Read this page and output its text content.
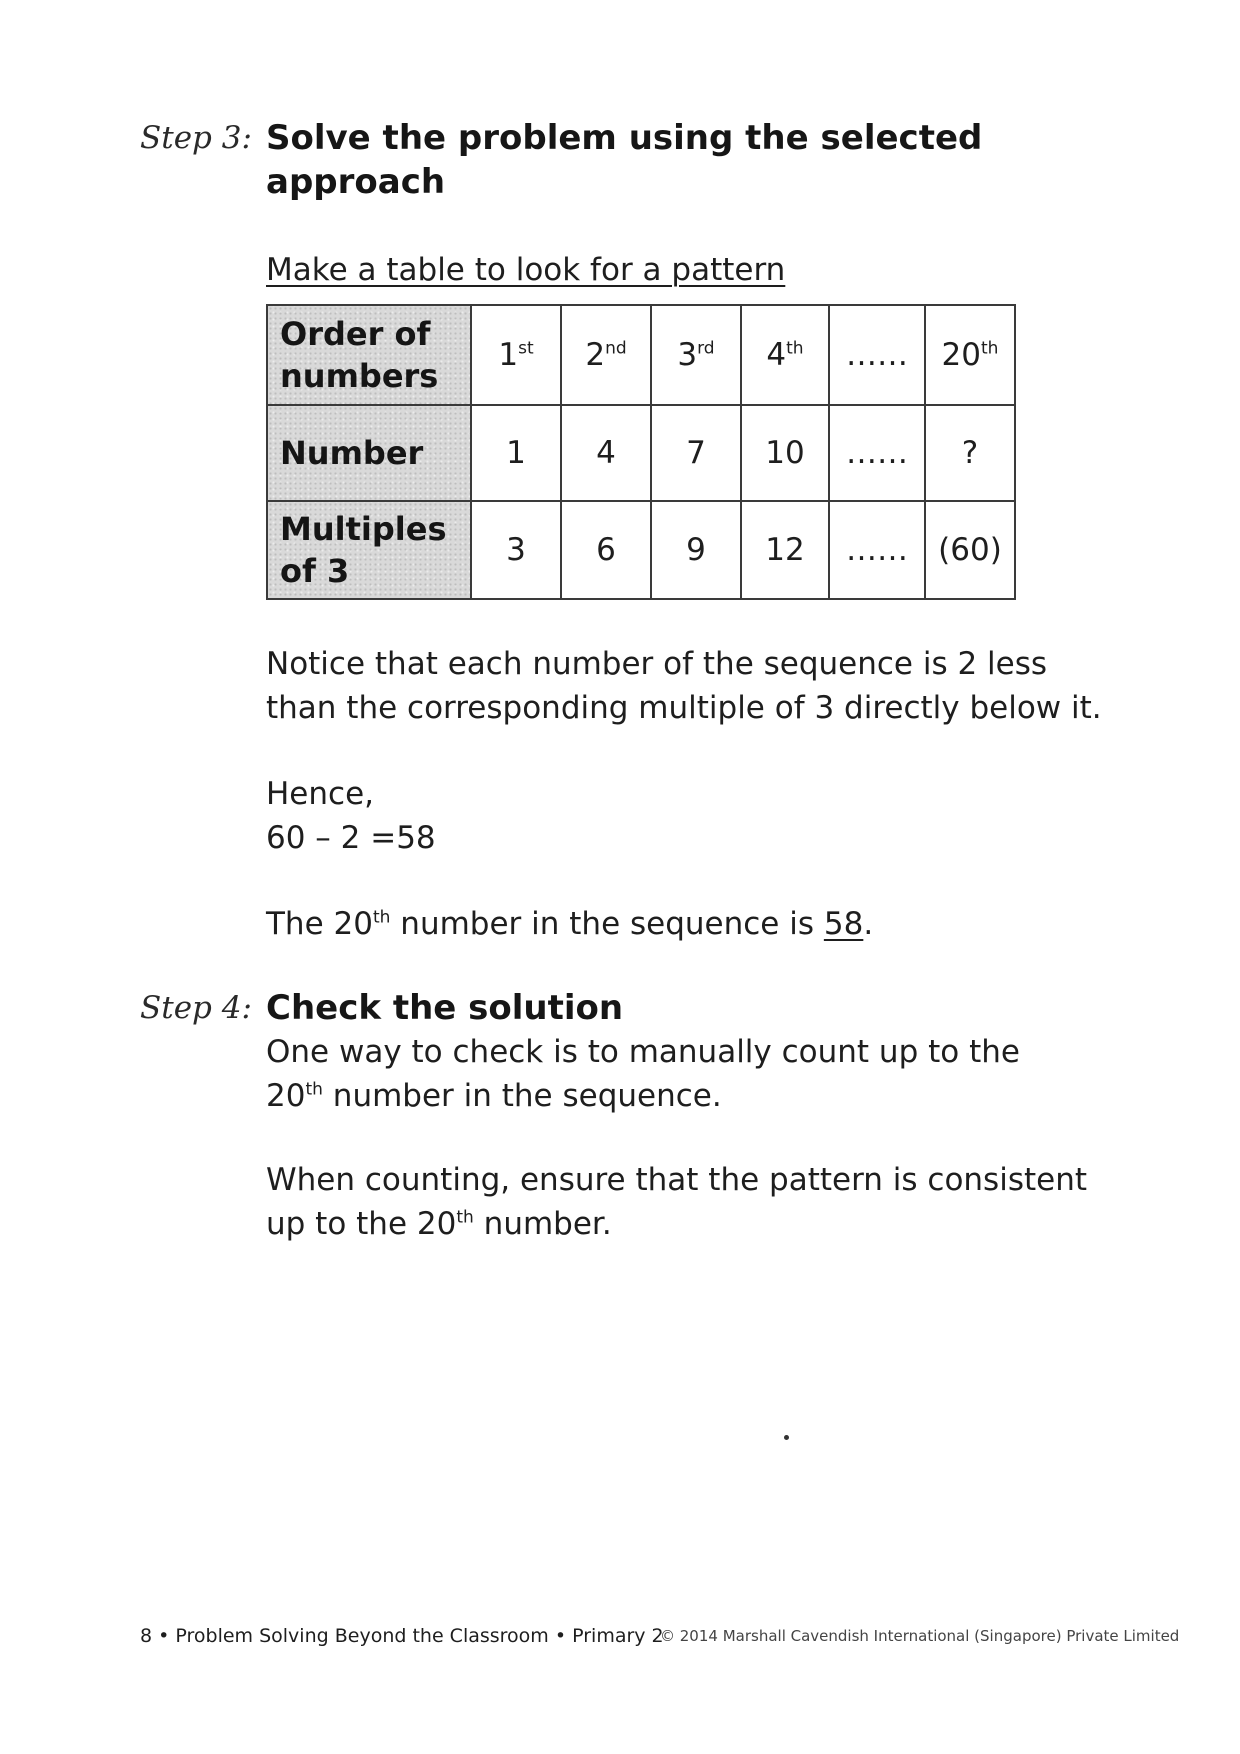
Step 3: Solve the problem using the selected
approach
Make a table to look for a pattern
Order of
numbers	1st	2nd	3rd	4th	……	20th

Number	1	4	7	10	……	?

Multiples
of 3	3	6	9	12	……	(60)
Notice that each number of the sequence is 2 less
than the corresponding multiple of 3 directly below it.
Hence,
60 – 2 =58
The 20th number in the sequence is 58.
Step 4: Check the solution
One way to check is to manually count up to the
20th number in the sequence.
When counting, ensure that the pattern is consistent
up to the 20th number.
8 • Problem Solving Beyond the Classroom • Primary 2
© 2014 Marshall Cavendish International (Singapore) Private Limited
